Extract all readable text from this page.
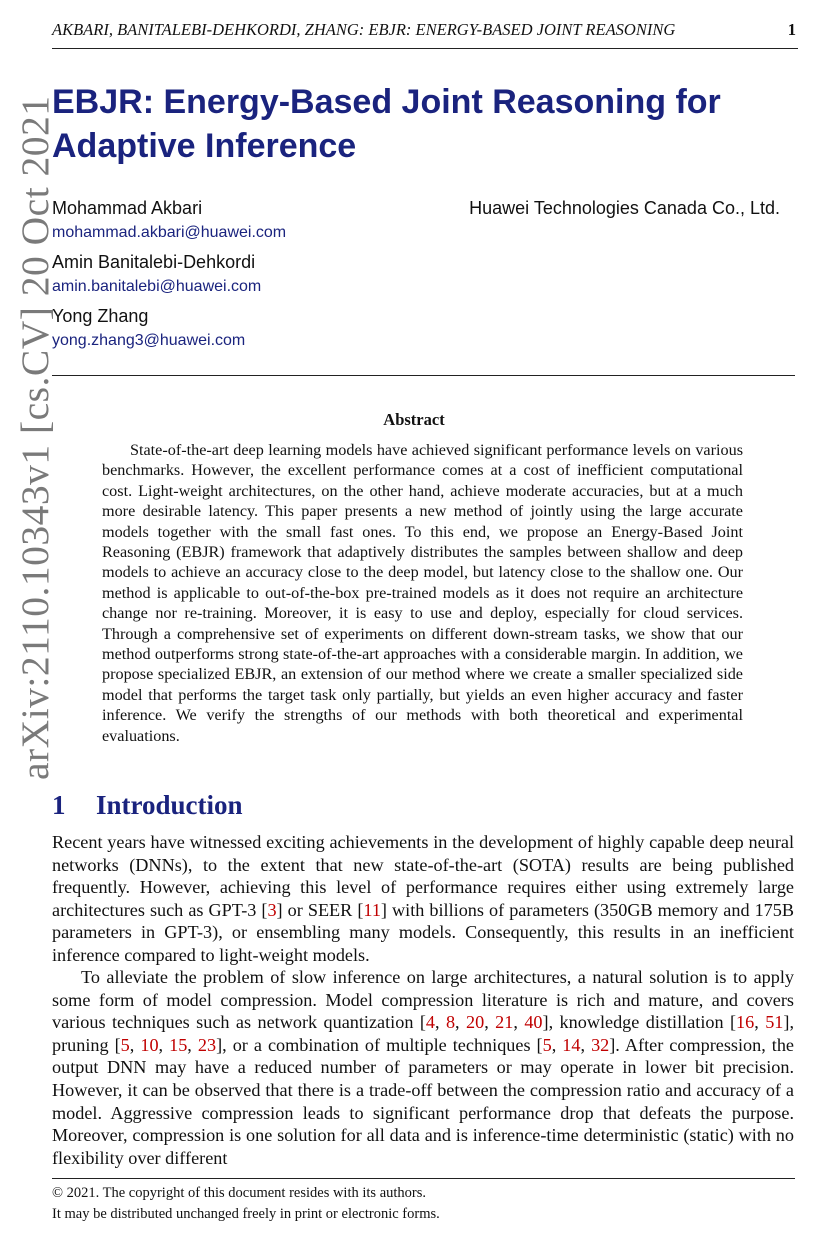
AKBARI, BANITALEBI-DEHKORDI, ZHANG: EBJR: ENERGY-BASED JOINT REASONING	1
arXiv:2110.10343v1 [cs.CV] 20 Oct 2021
EBJR: Energy-Based Joint Reasoning for Adaptive Inference
Mohammad Akbari
mohammad.akbari@huawei.com
Amin Banitalebi-Dehkordi
amin.banitalebi@huawei.com
Yong Zhang
yong.zhang3@huawei.com
Huawei Technologies Canada Co., Ltd.
Abstract

State-of-the-art deep learning models have achieved significant performance levels on various benchmarks. However, the excellent performance comes at a cost of inefficient computational cost. Light-weight architectures, on the other hand, achieve moderate accuracies, but at a much more desirable latency. This paper presents a new method of jointly using the large accurate models together with the small fast ones. To this end, we propose an Energy-Based Joint Reasoning (EBJR) framework that adaptively distributes the samples between shallow and deep models to achieve an accuracy close to the deep model, but latency close to the shallow one. Our method is applicable to out-of-the-box pre-trained models as it does not require an architecture change nor re-training. Moreover, it is easy to use and deploy, especially for cloud services. Through a comprehensive set of experiments on different down-stream tasks, we show that our method outperforms strong state-of-the-art approaches with a considerable margin. In addition, we propose specialized EBJR, an extension of our method where we create a smaller specialized side model that performs the target task only partially, but yields an even higher accuracy and faster inference. We verify the strengths of our methods with both theoretical and experimental evaluations.

1 Introduction

Recent years have witnessed exciting achievements in the development of highly capable deep neural networks (DNNs), to the extent that new state-of-the-art (SOTA) results are being published frequently. However, achieving this level of performance requires either using extremely large architectures such as GPT-3 [3] or SEER [11] with billions of parameters (350GB memory and 175B parameters in GPT-3), or ensembling many models. Consequently, this results in an inefficient inference compared to light-weight models.

To alleviate the problem of slow inference on large architectures, a natural solution is to apply some form of model compression. Model compression literature is rich and mature, and covers various techniques such as network quantization [4, 8, 20, 21, 40], knowledge distillation [16, 51], pruning [5, 10, 15, 23], or a combination of multiple techniques [5, 14, 32]. After compression, the output DNN may have a reduced number of parameters or may operate in lower bit precision. However, it can be observed that there is a trade-off between the compression ratio and accuracy of a model. Aggressive compression leads to significant performance drop that defeats the purpose. Moreover, compression is one solution for all data and is inference-time deterministic (static) with no flexibility over different

© 2021. The copyright of this document resides with its authors.
It may be distributed unchanged freely in print or electronic forms.
